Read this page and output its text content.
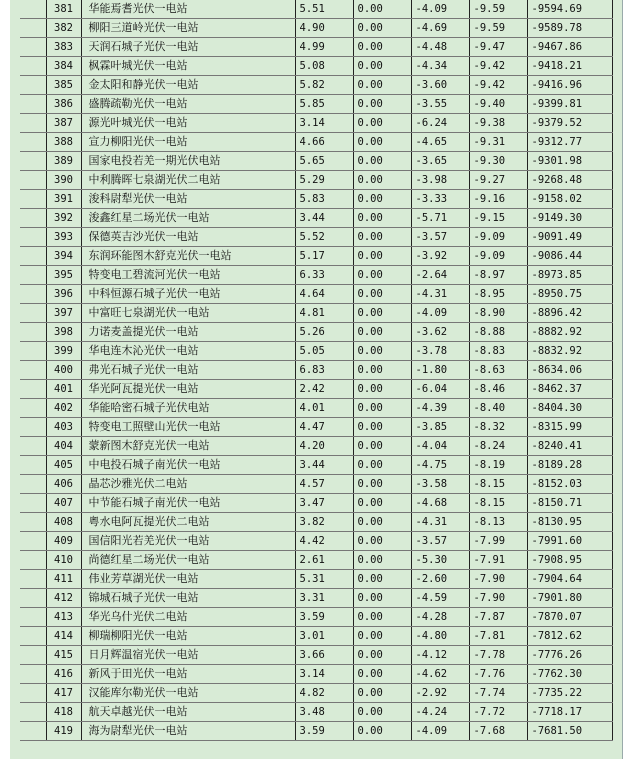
	381	华能焉耆光伏一电站	5.51	0.00	-4.09	-9.59	-9594.69
	382	柳阳三道岭光伏一电站	4.90	0.00	-4.69	-9.59	-9589.78
	383	天润石城子光伏一电站	4.99	0.00	-4.48	-9.47	-9467.86
	384	枫霖叶城光伏一电站	5.08	0.00	-4.34	-9.42	-9418.21
	385	金太阳和静光伏一电站	5.82	0.00	-3.60	-9.42	-9416.96
	386	盛腾疏勒光伏一电站	5.85	0.00	-3.55	-9.40	-9399.81
	387	源光叶城光伏一电站	3.14	0.00	-6.24	-9.38	-9379.52
	388	宣力柳阳光伏一电站	4.66	0.00	-4.65	-9.31	-9312.77
	389	国家电投若羌一期光伏电站	5.65	0.00	-3.65	-9.30	-9301.98
	390	中利腾晖七泉湖光伏二电站	5.29	0.00	-3.98	-9.27	-9268.48
	391	浚科尉犁光伏一电站	5.83	0.00	-3.33	-9.16	-9158.02
	392	浚鑫红星二场光伏一电站	3.44	0.00	-5.71	-9.15	-9149.30
	393	保德英吉沙光伏一电站	5.52	0.00	-3.57	-9.09	-9091.49
	394	东润环能图木舒克光伏一电站	5.17	0.00	-3.92	-9.09	-9086.44
	395	特变电工碧流河光伏一电站	6.33	0.00	-2.64	-8.97	-8973.85
	396	中科恒源石城子光伏一电站	4.64	0.00	-4.31	-8.95	-8950.75
	397	中富旺七泉湖光伏一电站	4.81	0.00	-4.09	-8.90	-8896.42
	398	力诺麦盖提光伏一电站	5.26	0.00	-3.62	-8.88	-8882.92
	399	华电连木沁光伏一电站	5.05	0.00	-3.78	-8.83	-8832.92
	400	弗光石城子光伏一电站	6.83	0.00	-1.80	-8.63	-8634.06
	401	华光阿瓦提光伏一电站	2.42	0.00	-6.04	-8.46	-8462.37
	402	华能哈密石城子光伏电站	4.01	0.00	-4.39	-8.40	-8404.30
	403	特变电工照壁山光伏一电站	4.47	0.00	-3.85	-8.32	-8315.99
	404	蒙新图木舒克光伏一电站	4.20	0.00	-4.04	-8.24	-8240.41
	405	中电投石城子南光伏一电站	3.44	0.00	-4.75	-8.19	-8189.28
	406	晶芯沙雅光伏二电站	4.57	0.00	-3.58	-8.15	-8152.03
	407	中节能石城子南光伏一电站	3.47	0.00	-4.68	-8.15	-8150.71
	408	粤水电阿瓦提光伏二电站	3.82	0.00	-4.31	-8.13	-8130.95
	409	国信阳光若羌光伏一电站	4.42	0.00	-3.57	-7.99	-7991.60
	410	尚德红星二场光伏一电站	2.61	0.00	-5.30	-7.91	-7908.95
	411	伟业芳草湖光伏一电站	5.31	0.00	-2.60	-7.90	-7904.64
	412	锦城石城子光伏一电站	3.31	0.00	-4.59	-7.90	-7901.80
	413	华光乌什光伏二电站	3.59	0.00	-4.28	-7.87	-7870.07
	414	柳瑞柳阳光伏一电站	3.01	0.00	-4.80	-7.81	-7812.62
	415	日月辉温宿光伏一电站	3.66	0.00	-4.12	-7.78	-7776.26
	416	新风于田光伏一电站	3.14	0.00	-4.62	-7.76	-7762.30
	417	汉能库尔勒光伏一电站	4.82	0.00	-2.92	-7.74	-7735.22
	418	航天卓越光伏一电站	3.48	0.00	-4.24	-7.72	-7718.17
	419	海为尉犁光伏一电站	3.59	0.00	-4.09	-7.68	-7681.50
